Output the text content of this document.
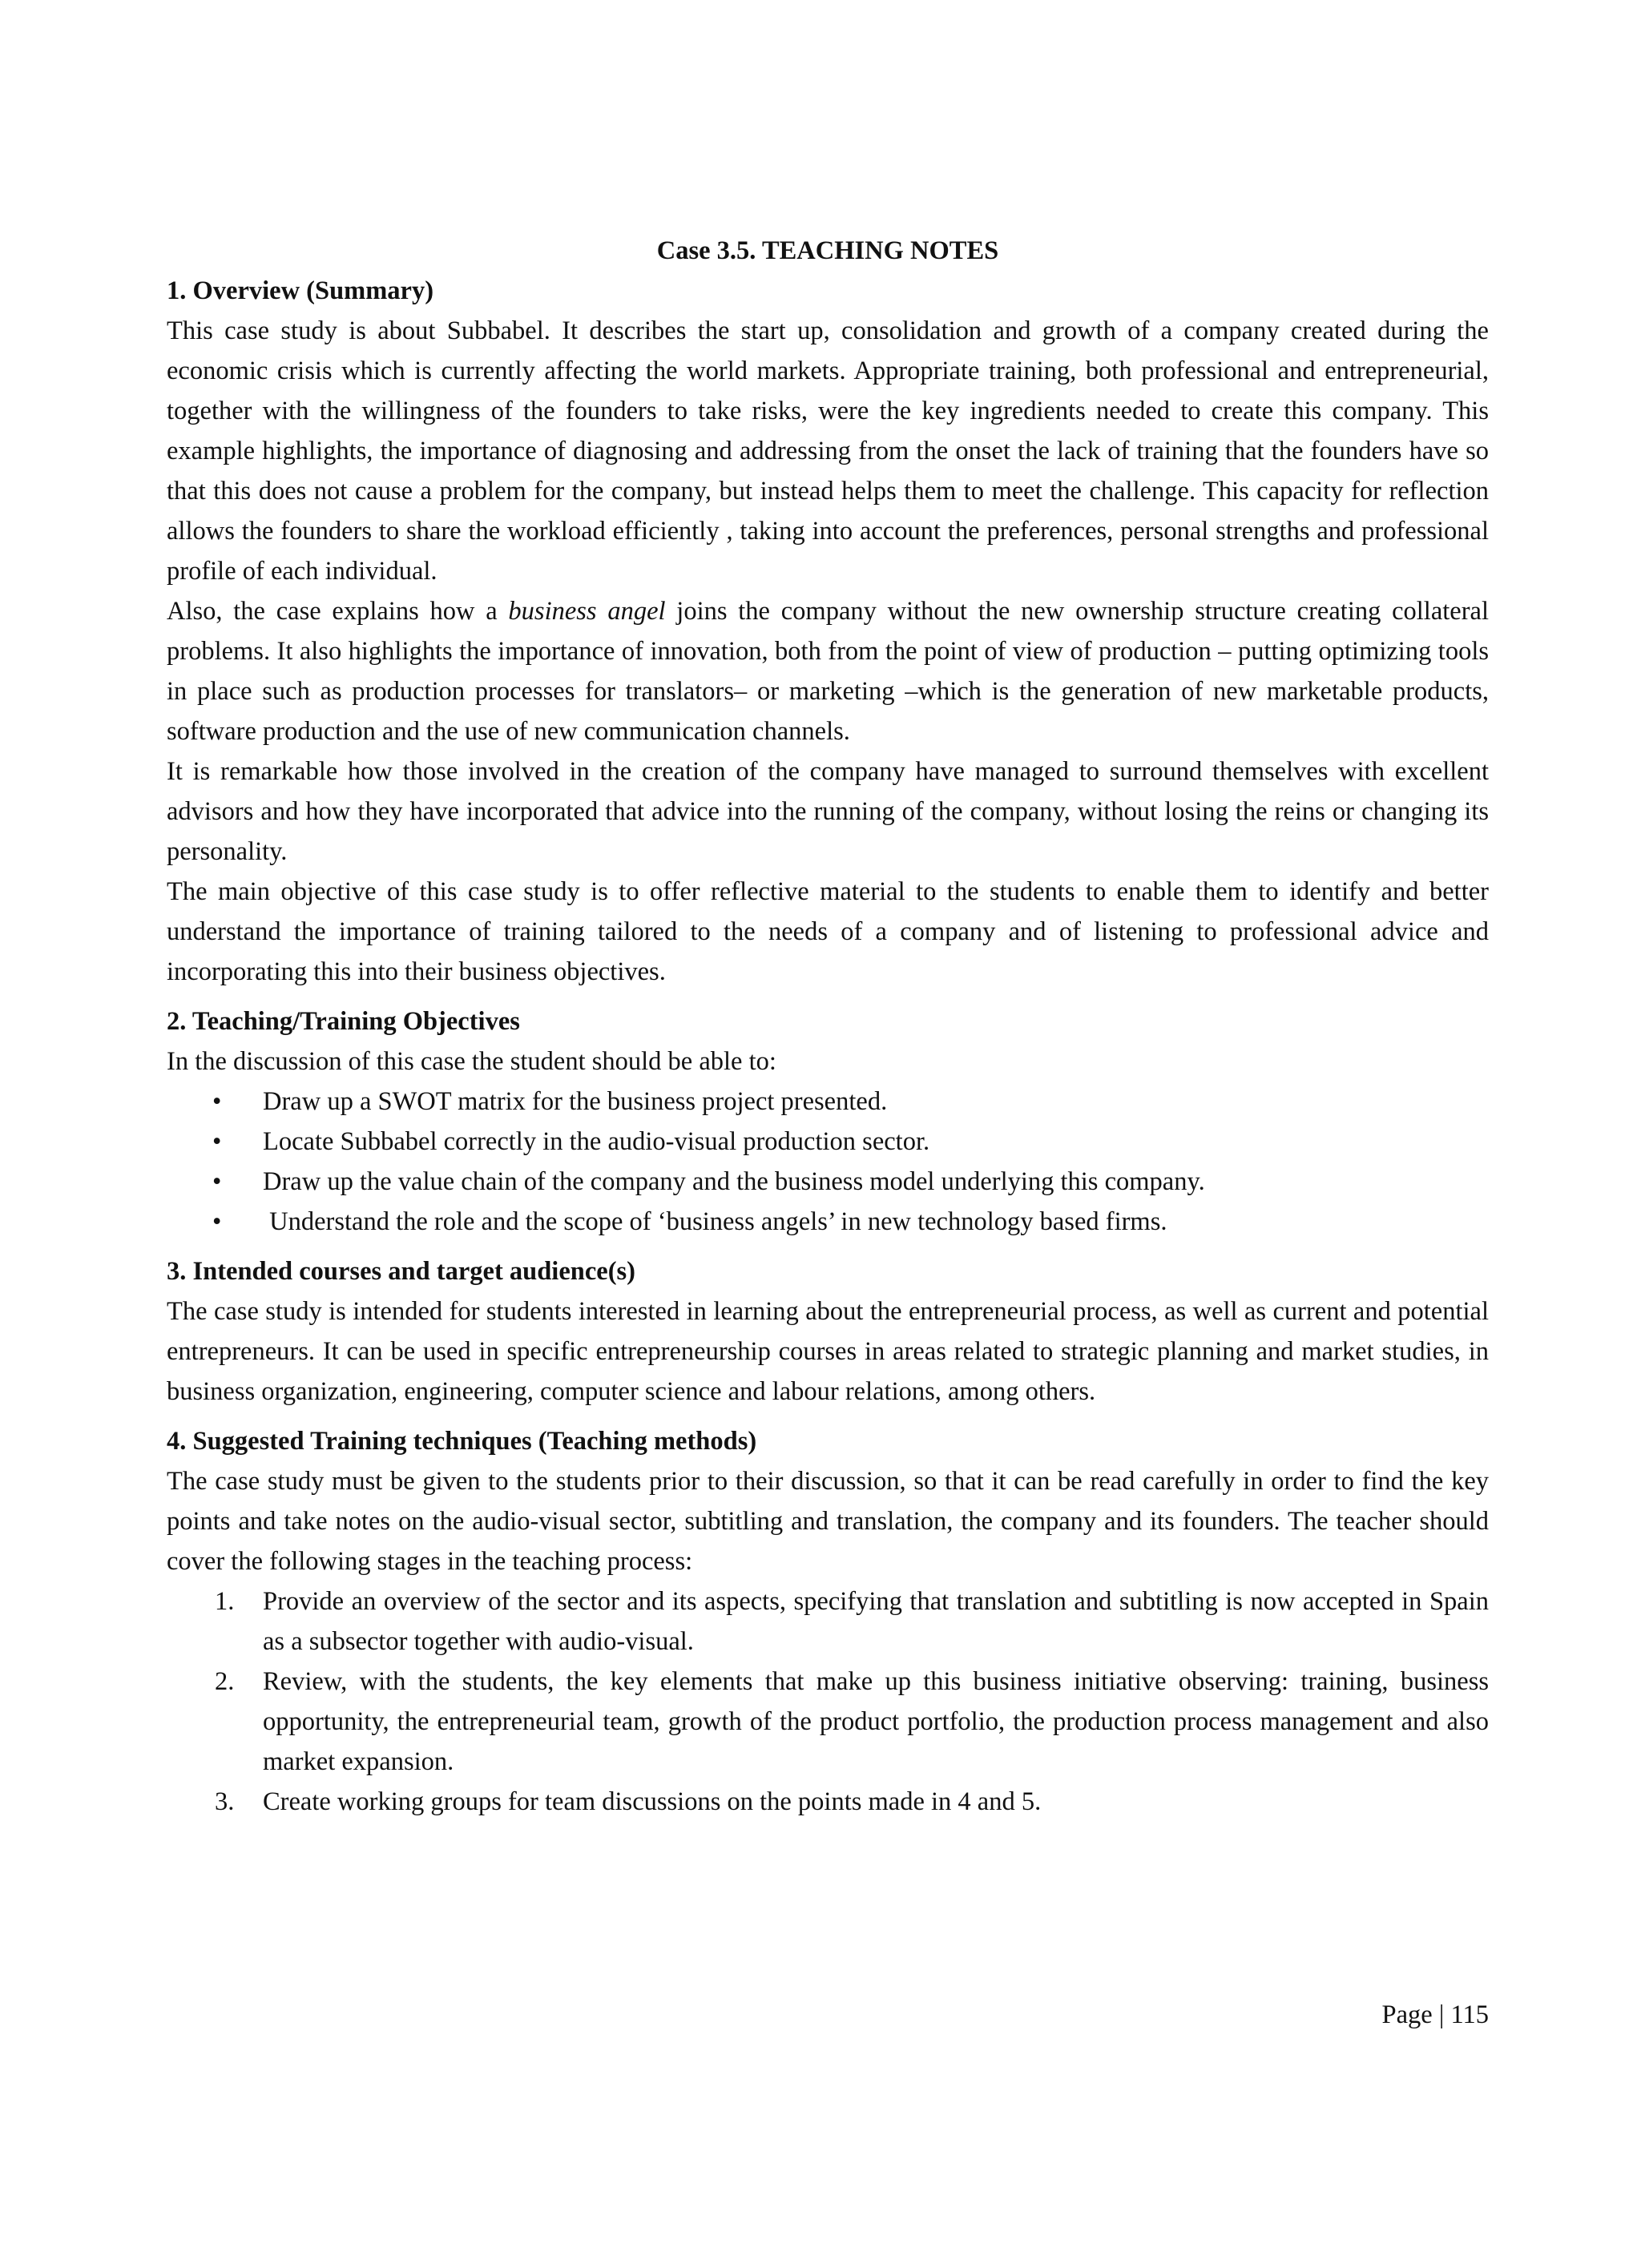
Case 3.5. TEACHING NOTES
1. Overview (Summary)

This case study is about Subbabel. It describes the start up, consolidation and growth of a company created during the economic crisis which is currently affecting the world markets. Appropriate training, both professional and entrepreneurial, together with the willingness of the founders to take risks, were the key ingredients needed to create this company. This example highlights, the importance of diagnosing and addressing from the onset the lack of training that the founders have so that this does not cause a problem for the company, but instead helps them to meet the challenge. This capacity for reflection allows the founders to share the workload efficiently , taking into account the preferences, personal strengths and professional profile of each individual.

Also, the case explains how a business angel joins the company without the new ownership structure creating collateral problems. It also highlights the importance of innovation, both from the point of view of production – putting optimizing tools in place such as production processes for translators– or marketing –which is the generation of new marketable products, software production and the use of new communication channels.

It is remarkable how those involved in the creation of the company have managed to surround themselves with excellent advisors and how they have incorporated that advice into the running of the company, without losing the reins or changing its personality.

The main objective of this case study is to offer reflective material to the students to enable them to identify and better understand the importance of training tailored to the needs of a company and of listening to professional advice and incorporating this into their business objectives.

2. Teaching/Training Objectives

In the discussion of this case the student should be able to:

• Draw up a SWOT matrix for the business project presented.
• Locate Subbabel correctly in the audio-visual production sector.
• Draw up the value chain of the company and the business model underlying this company.
• Understand the role and the scope of ‘business angels’ in new technology based firms.
3. Intended courses and target audience(s)

The case study is intended for students interested in learning about the entrepreneurial process, as well as current and potential entrepreneurs. It can be used in specific entrepreneurship courses in areas related to strategic planning and market studies, in business organization, engineering, computer science and labour relations, among others.

4. Suggested Training techniques (Teaching methods)

The case study must be given to the students prior to their discussion, so that it can be read carefully in order to find the key points and take notes on the audio-visual sector, subtitling and translation, the company and its founders. The teacher should cover the following stages in the teaching process:

1. Provide an overview of the sector and its aspects, specifying that translation and subtitling is now accepted in Spain as a subsector together with audio-visual.
2. Review, with the students, the key elements that make up this business initiative observing: training, business opportunity, the entrepreneurial team, growth of the product portfolio, the production process management and also market expansion.
3. Create working groups for team discussions on the points made in 4 and 5.
Page | 115
